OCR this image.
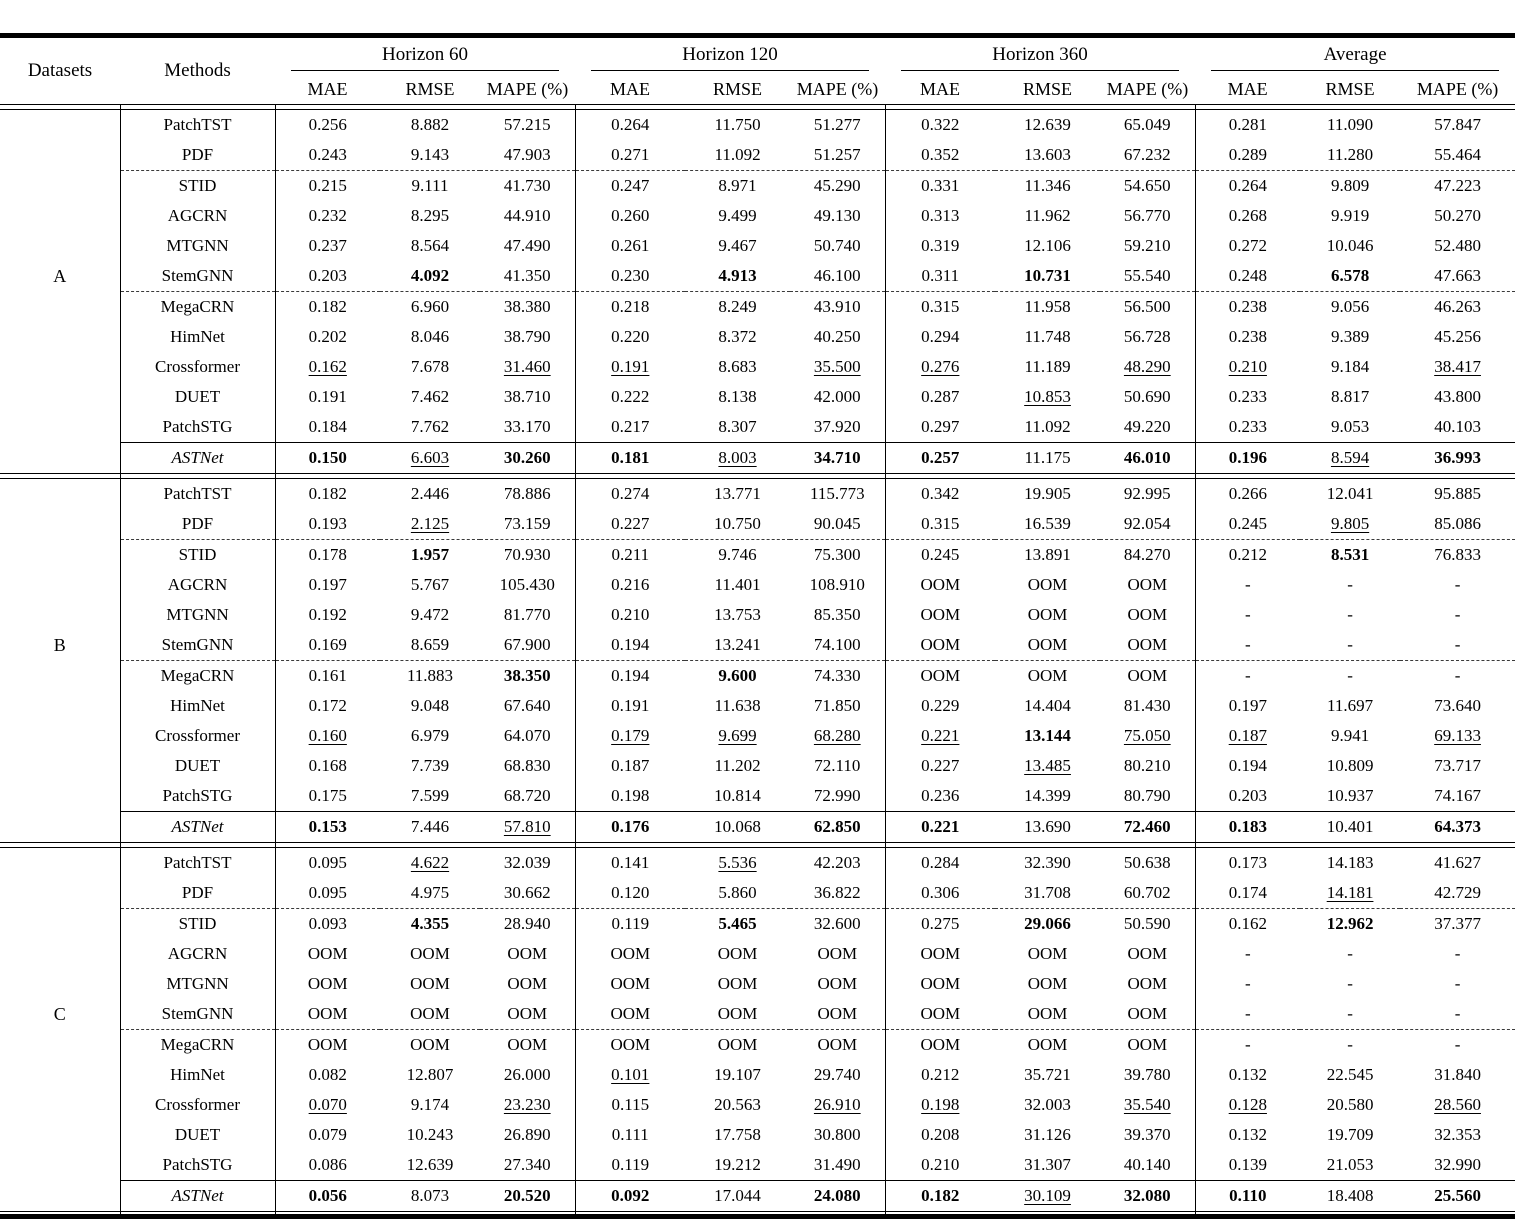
Datasets	Methods	Horizon 60			Horizon 120			Horizon 360			Average		

		MAE	RMSE	MAPE (%)	MAE	RMSE	MAPE (%)	MAE	RMSE	MAPE (%)	MAE	RMSE	MAPE (%)

	PatchTST	0.256	8.882	57.215	0.264	11.750	51.277	0.322	12.639	65.049	0.281	11.090	57.847
	PDF	0.243	9.143	47.903	0.271	11.092	51.257	0.352	13.603	67.232	0.289	11.280	55.464
	STID	0.215	9.111	41.730	0.247	8.971	45.290	0.331	11.346	54.650	0.264	9.809	47.223
	AGCRN	0.232	8.295	44.910	0.260	9.499	49.130	0.313	11.962	56.770	0.268	9.919	50.270
	MTGNN	0.237	8.564	47.490	0.261	9.467	50.740	0.319	12.106	59.210	0.272	10.046	52.480
A	StemGNN	0.203	4.092	41.350	0.230	4.913	46.100	0.311	10.731	55.540	0.248	6.578	47.663
	MegaCRN	0.182	6.960	38.380	0.218	8.249	43.910	0.315	11.958	56.500	0.238	9.056	46.263
	HimNet	0.202	8.046	38.790	0.220	8.372	40.250	0.294	11.748	56.728	0.238	9.389	45.256
	Crossformer	0.162	7.678	31.460	0.191	8.683	35.500	0.276	11.189	48.290	0.210	9.184	38.417
	DUET	0.191	7.462	38.710	0.222	8.138	42.000	0.287	10.853	50.690	0.233	8.817	43.800
	PatchSTG	0.184	7.762	33.170	0.217	8.307	37.920	0.297	11.092	49.220	0.233	9.053	40.103
	ASTNet	0.150	6.603	30.260	0.181	8.003	34.710	0.257	11.175	46.010	0.196	8.594	36.993

	PatchTST	0.182	2.446	78.886	0.274	13.771	115.773	0.342	19.905	92.995	0.266	12.041	95.885
	PDF	0.193	2.125	73.159	0.227	10.750	90.045	0.315	16.539	92.054	0.245	9.805	85.086
	STID	0.178	1.957	70.930	0.211	9.746	75.300	0.245	13.891	84.270	0.212	8.531	76.833
	AGCRN	0.197	5.767	105.430	0.216	11.401	108.910	OOM	OOM	OOM	-	-	-
	MTGNN	0.192	9.472	81.770	0.210	13.753	85.350	OOM	OOM	OOM	-	-	-
B	StemGNN	0.169	8.659	67.900	0.194	13.241	74.100	OOM	OOM	OOM	-	-	-
	MegaCRN	0.161	11.883	38.350	0.194	9.600	74.330	OOM	OOM	OOM	-	-	-
	HimNet	0.172	9.048	67.640	0.191	11.638	71.850	0.229	14.404	81.430	0.197	11.697	73.640
	Crossformer	0.160	6.979	64.070	0.179	9.699	68.280	0.221	13.144	75.050	0.187	9.941	69.133
	DUET	0.168	7.739	68.830	0.187	11.202	72.110	0.227	13.485	80.210	0.194	10.809	73.717
	PatchSTG	0.175	7.599	68.720	0.198	10.814	72.990	0.236	14.399	80.790	0.203	10.937	74.167
	ASTNet	0.153	7.446	57.810	0.176	10.068	62.850	0.221	13.690	72.460	0.183	10.401	64.373

	PatchTST	0.095	4.622	32.039	0.141	5.536	42.203	0.284	32.390	50.638	0.173	14.183	41.627
	PDF	0.095	4.975	30.662	0.120	5.860	36.822	0.306	31.708	60.702	0.174	14.181	42.729
	STID	0.093	4.355	28.940	0.119	5.465	32.600	0.275	29.066	50.590	0.162	12.962	37.377
	AGCRN	OOM	OOM	OOM	OOM	OOM	OOM	OOM	OOM	OOM	-	-	-
	MTGNN	OOM	OOM	OOM	OOM	OOM	OOM	OOM	OOM	OOM	-	-	-
C	StemGNN	OOM	OOM	OOM	OOM	OOM	OOM	OOM	OOM	OOM	-	-	-
	MegaCRN	OOM	OOM	OOM	OOM	OOM	OOM	OOM	OOM	OOM	-	-	-
	HimNet	0.082	12.807	26.000	0.101	19.107	29.740	0.212	35.721	39.780	0.132	22.545	31.840
	Crossformer	0.070	9.174	23.230	0.115	20.563	26.910	0.198	32.003	35.540	0.128	20.580	28.560
	DUET	0.079	10.243	26.890	0.111	17.758	30.800	0.208	31.126	39.370	0.132	19.709	32.353
	PatchSTG	0.086	12.639	27.340	0.119	19.212	31.490	0.210	31.307	40.140	0.139	21.053	32.990
	ASTNet	0.056	8.073	20.520	0.092	17.044	24.080	0.182	30.109	32.080	0.110	18.408	25.560
